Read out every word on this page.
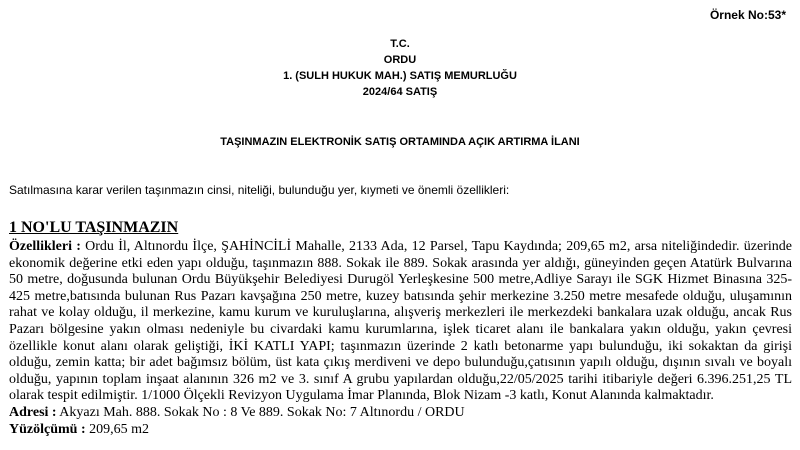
Örnek No:53*
T.C.
ORDU
1. (SULH HUKUK MAH.) SATIŞ MEMURLUĞU
2024/64 SATIŞ
TAŞINMAZIN ELEKTRONİK SATIŞ ORTAMINDA AÇIK ARTIRMA İLANI
Satılmasına karar verilen taşınmazın cinsi, niteliği, bulunduğu yer, kıymeti ve önemli özellikleri:
1 NO'LU TAŞINMAZIN

Özellikleri : Ordu İl, Altınordu İlçe, ŞAHİNCİLİ Mahalle, 2133 Ada, 12 Parsel, Tapu Kaydında; 209,65 m2, arsa niteliğindedir. üzerinde ekonomik değerine etki eden yapı olduğu, taşınmazın 888. Sokak ile 889. Sokak arasında yer aldığı, güneyinden geçen Atatürk Bulvarına 50 metre, doğusunda bulunan Ordu Büyükşehir Belediyesi Durugöl Yerleşkesine 500 metre,Adliye Sarayı ile SGK Hizmet Binasına 325-425 metre,batısında bulunan Rus Pazarı kavşağına 250 metre, kuzey batısında şehir merkezine 3.250 metre mesafede olduğu, uluşamının rahat ve kolay olduğu, il merkezine, kamu kurum ve kuruluşlarına, alışveriş merkezleri ile merkezdeki bankalara uzak olduğu, ancak Rus Pazarı bölgesine yakın olması nedeniyle bu civardaki kamu kurumlarına, işlek ticaret alanı ile bankalara yakın olduğu, yakın çevresi özellikle konut alanı olarak geliştiği, İKİ KATLI YAPI; taşınmazın üzerinde 2 katlı betonarme yapı bulunduğu, iki sokaktan da girişi olduğu, zemin katta; bir adet bağımsız bölüm, üst kata çıkış merdiveni ve depo bulunduğu,çatısının yapılı olduğu, dışının sıvalı ve boyalı olduğu, yapının toplam inşaat alanının 326 m2 ve 3. sınıf A grubu yapılardan olduğu,22/05/2025 tarihi itibariyle değeri 6.396.251,25 TL olarak tespit edilmiştir. 1/1000 Ölçekli Revizyon Uygulama İmar Planında, Blok Nizam -3 katlı, Konut Alanında kalmaktadır.

Adresi : Akyazı Mah. 888. Sokak No : 8 Ve 889. Sokak No: 7 Altınordu / ORDU

Yüzölçümü : 209,65 m2
